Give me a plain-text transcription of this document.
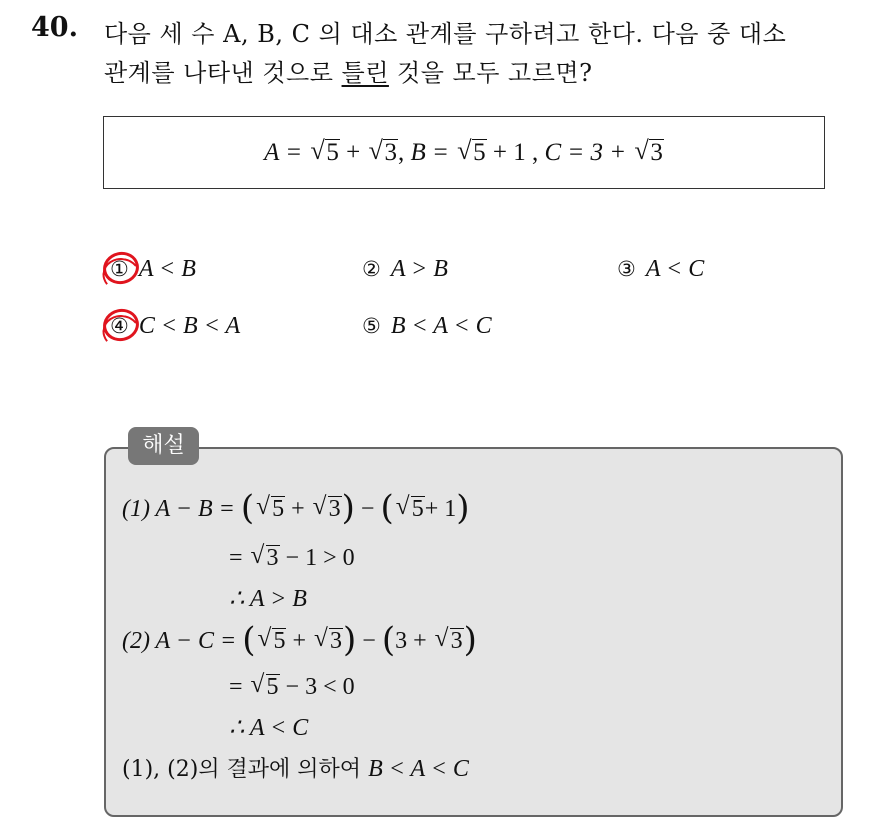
40. 다음 세 수 A, B, C 의 대소 관계를 구하려고 한다. 다음 중 대소
관계를 나타낸 것으로 틀린 것을 모두 고르면?
A = √ 5 + √ 3, B = √ 5 + 1 , C = 3 + √ 3
① A < B	② A > B	③ A < C
④ C < B < A	⑤ B < A < C
해설
(1) A − B = ( √ 5 + √ 3) − ( √ 5+ 1)
= √ 3 − 1 > 0
∴ A > B
(2) A − C = ( √ 5 + √ 3) − (3 + √ 3)
= √ 5 − 3 < 0
∴ A < C
(1), (2)의 결과에 의하여 B < A < C
